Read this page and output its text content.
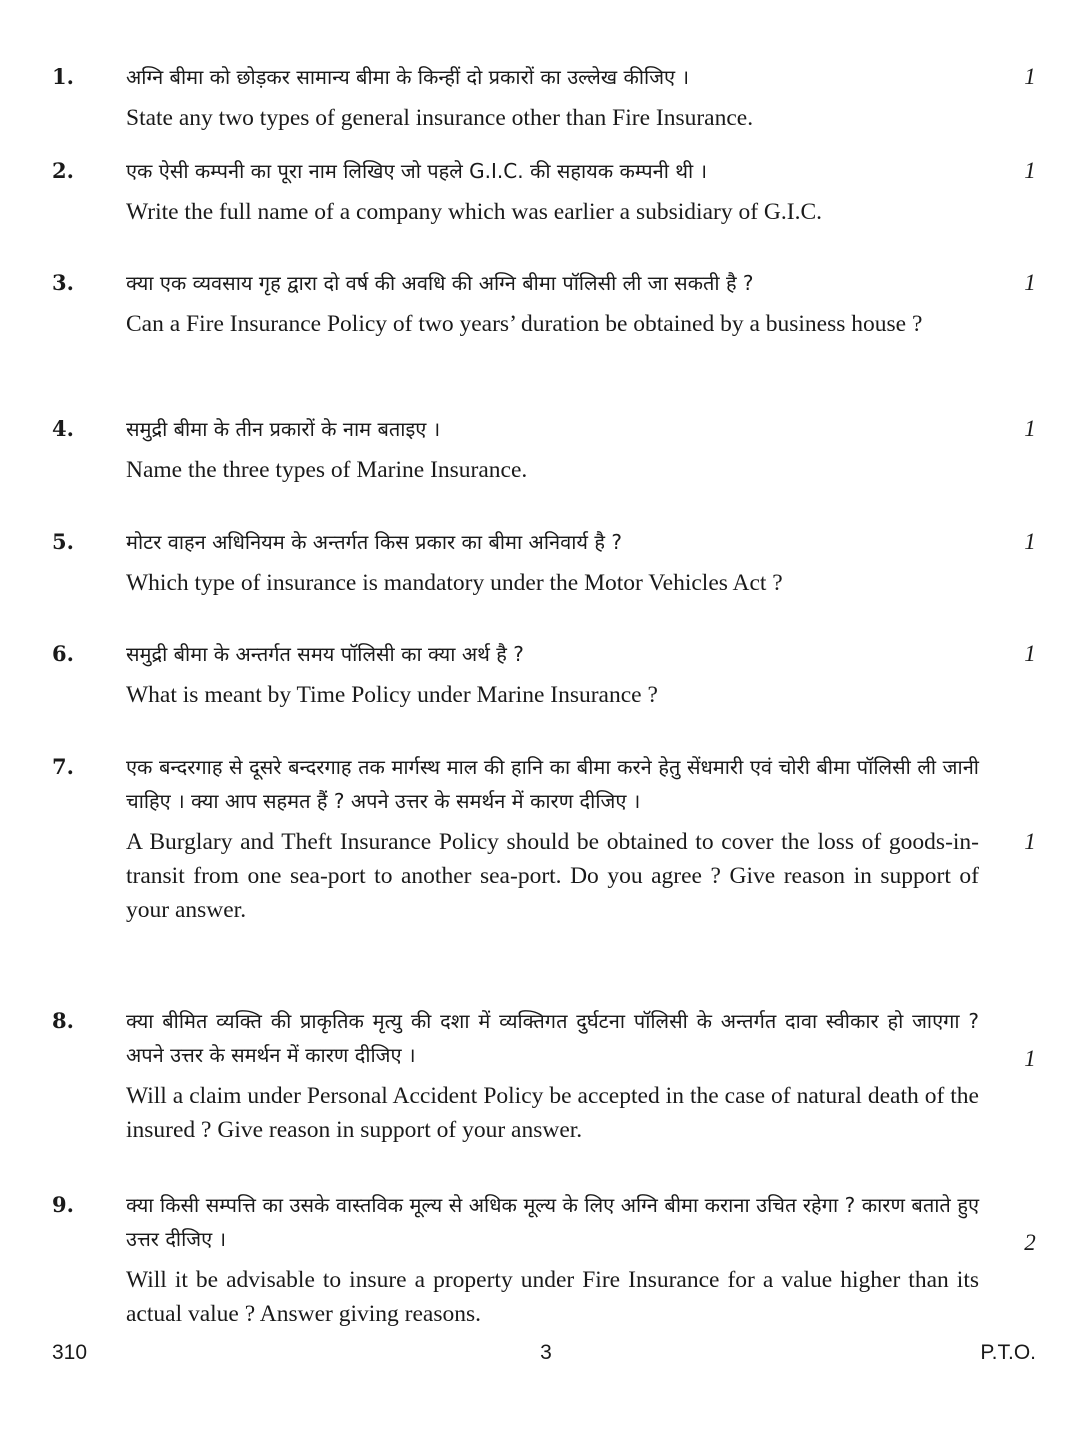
1.	अग्नि बीमा को छोड़कर सामान्य बीमा के किन्हीं दो प्रकारों का उल्लेख कीजिए ।
State any two types of general insurance other than Fire Insurance.
1
2.	एक ऐसी कम्पनी का पूरा नाम लिखिए जो पहले G.I.C. की सहायक कम्पनी थी ।
Write the full name of a company which was earlier a subsidiary of G.I.C.
1
3.	क्या एक व्यवसाय गृह द्वारा दो वर्ष की अवधि की अग्नि बीमा पॉलिसी ली जा सकती है ?
Can a Fire Insurance Policy of two years’ duration be obtained by a business house ?
1
4.	समुद्री बीमा के तीन प्रकारों के नाम बताइए ।
Name the three types of Marine Insurance.
1
5.	मोटर वाहन अधिनियम के अन्तर्गत किस प्रकार का बीमा अनिवार्य है ?
Which type of insurance is mandatory under the Motor Vehicles Act ?
1
6.	समुद्री बीमा के अन्तर्गत समय पॉलिसी का क्या अर्थ है ?
What is meant by Time Policy under Marine Insurance ?
1
7.	एक बन्दरगाह से दूसरे बन्दरगाह तक मार्गस्थ माल की हानि का बीमा करने हेतु सेंधमारी एवं चोरी बीमा पॉलिसी ली जानी चाहिए । क्या आप सहमत हैं ? अपने उत्तर के समर्थन में कारण दीजिए ।
A Burglary and Theft Insurance Policy should be obtained to cover the loss of goods-in-transit from one sea-port to another sea-port. Do you agree ? Give reason in support of your answer.
1
8.	क्या बीमित व्यक्ति की प्राकृतिक मृत्यु की दशा में व्यक्तिगत दुर्घटना पॉलिसी के अन्तर्गत दावा स्वीकार हो जाएगा ? अपने उत्तर के समर्थन में कारण दीजिए ।
Will a claim under Personal Accident Policy be accepted in the case of natural death of the insured ? Give reason in support of your answer.
1
9.	क्या किसी सम्पत्ति का उसके वास्तविक मूल्य से अधिक मूल्य के लिए अग्नि बीमा कराना उचित रहेगा ? कारण बताते हुए उत्तर दीजिए ।
Will it be advisable to insure a property under Fire Insurance for a value higher than its actual value ? Answer giving reasons.
2
310	3	P.T.O.
